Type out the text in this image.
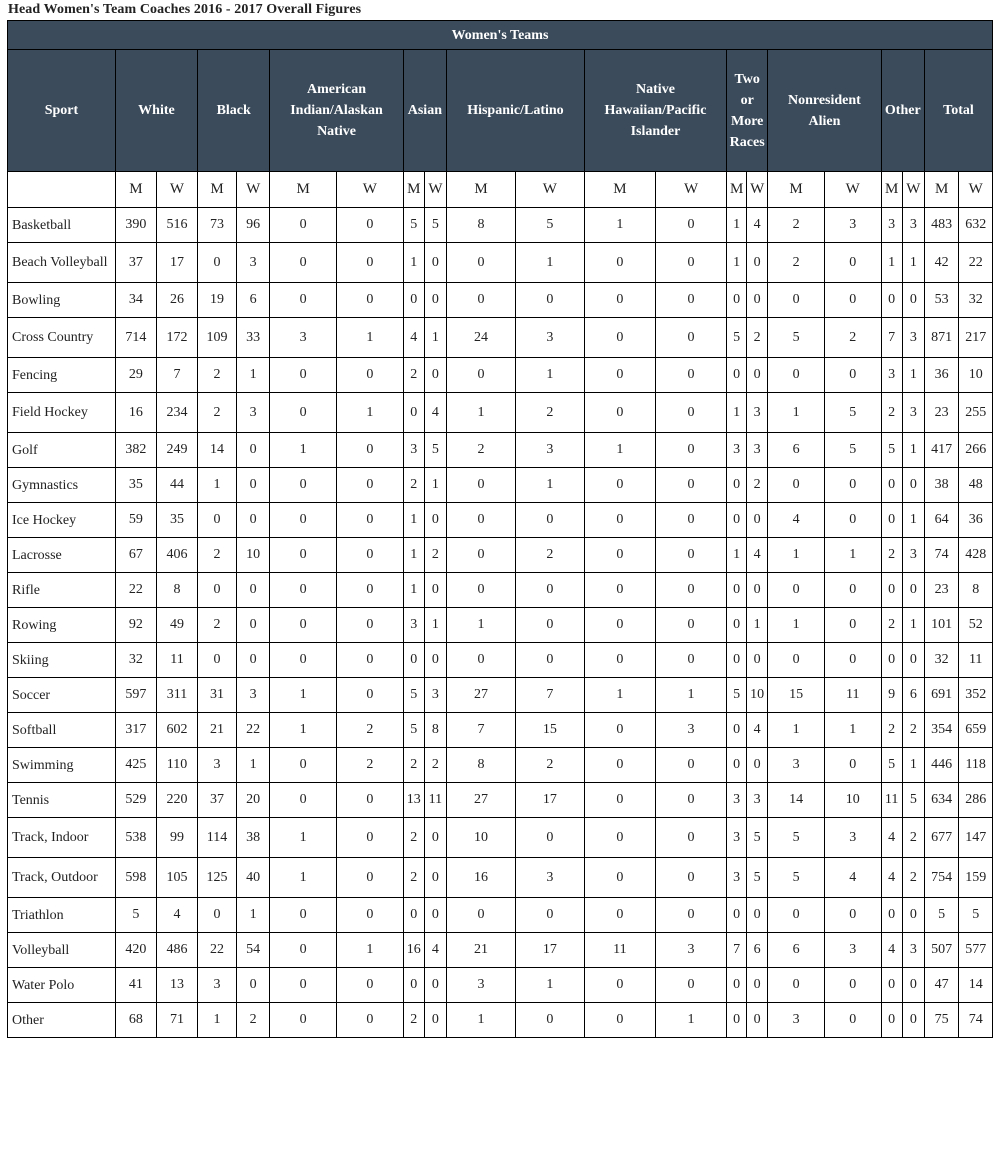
Head Women's Team Coaches 2016 - 2017 Overall Figures
Women's Teams																				
Sport	White		Black		American
Indian/Alaskan
Native		Asian		Hispanic/Latino		Native
Hawaiian/Pacific
Islander		Two
or
More
Races		Nonresident
Alien		Other		Total	
	M	W	M	W	M	W	M	W	M	W	M	W	M	W	M	W	M	W	M	W
Basketball	390	516	73	96	0	0	5	5	8	5	1	0	1	4	2	3	3	3	483	632
Beach Volleyball	37	17	0	3	0	0	1	0	0	1	0	0	1	0	2	0	1	1	42	22
Bowling	34	26	19	6	0	0	0	0	0	0	0	0	0	0	0	0	0	0	53	32
Cross Country	714	172	109	33	3	1	4	1	24	3	0	0	5	2	5	2	7	3	871	217
Fencing	29	7	2	1	0	0	2	0	0	1	0	0	0	0	0	0	3	1	36	10
Field Hockey	16	234	2	3	0	1	0	4	1	2	0	0	1	3	1	5	2	3	23	255
Golf	382	249	14	0	1	0	3	5	2	3	1	0	3	3	6	5	5	1	417	266
Gymnastics	35	44	1	0	0	0	2	1	0	1	0	0	0	2	0	0	0	0	38	48
Ice Hockey	59	35	0	0	0	0	1	0	0	0	0	0	0	0	4	0	0	1	64	36
Lacrosse	67	406	2	10	0	0	1	2	0	2	0	0	1	4	1	1	2	3	74	428
Rifle	22	8	0	0	0	0	1	0	0	0	0	0	0	0	0	0	0	0	23	8
Rowing	92	49	2	0	0	0	3	1	1	0	0	0	0	1	1	0	2	1	101	52
Skiing	32	11	0	0	0	0	0	0	0	0	0	0	0	0	0	0	0	0	32	11
Soccer	597	311	31	3	1	0	5	3	27	7	1	1	5	10	15	11	9	6	691	352
Softball	317	602	21	22	1	2	5	8	7	15	0	3	0	4	1	1	2	2	354	659
Swimming	425	110	3	1	0	2	2	2	8	2	0	0	0	0	3	0	5	1	446	118
Tennis	529	220	37	20	0	0	13	11	27	17	0	0	3	3	14	10	11	5	634	286
Track, Indoor	538	99	114	38	1	0	2	0	10	0	0	0	3	5	5	3	4	2	677	147
Track, Outdoor	598	105	125	40	1	0	2	0	16	3	0	0	3	5	5	4	4	2	754	159
Triathlon	5	4	0	1	0	0	0	0	0	0	0	0	0	0	0	0	0	0	5	5
Volleyball	420	486	22	54	0	1	16	4	21	17	11	3	7	6	6	3	4	3	507	577
Water Polo	41	13	3	0	0	0	0	0	3	1	0	0	0	0	0	0	0	0	47	14
Other	68	71	1	2	0	0	2	0	1	0	0	1	0	0	3	0	0	0	75	74
